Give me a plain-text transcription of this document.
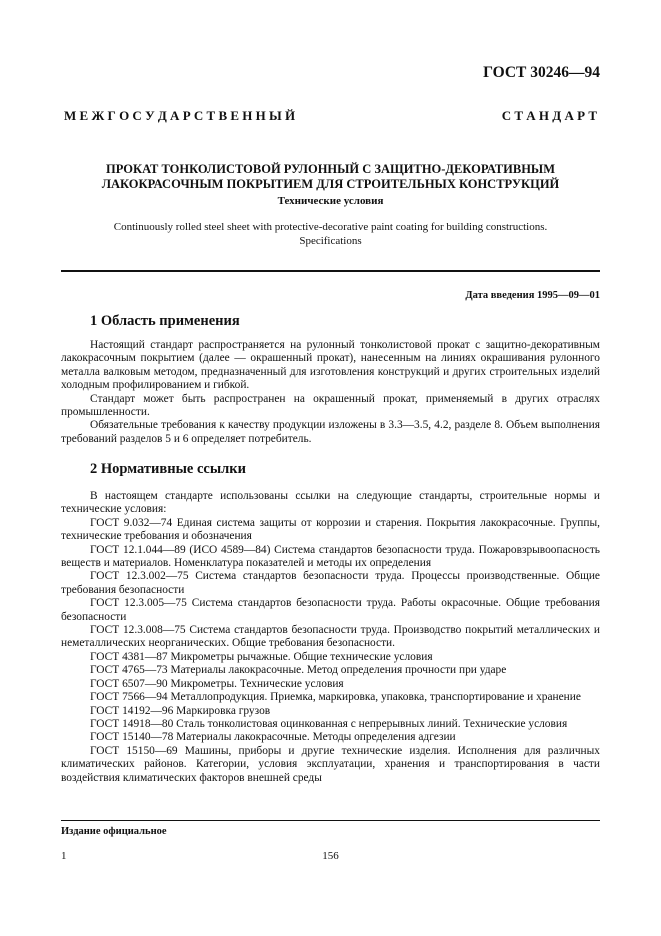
ГОСТ 30246—94
М Е Ж Г О С У Д А Р С Т В Е Н Н Ы Й	С Т А Н Д А Р Т
ПРОКАТ ТОНКОЛИСТОВОЙ РУЛОННЫЙ С ЗАЩИТНО-ДЕКОРАТИВНЫМ
ЛАКОКРАСОЧНЫМ ПОКРЫТИЕМ ДЛЯ СТРОИТЕЛЬНЫХ КОНСТРУКЦИЙ
Технические условия
Continuously rolled steel sheet with protective-decorative paint coating for building constructions.
Specifications
Дата введения 1995—09—01
1 Область применения

Настоящий стандарт распространяется на рулонный тонколистовой прокат с защитно-декоративным лакокрасочным покрытием (далее — окрашенный прокат), нанесенным на линиях окрашивания рулонного металла валковым методом, предназначенный для изготовления конструкций и других строительных изделий холодным профилированием и гибкой.

Стандарт может быть распространен на окрашенный прокат, применяемый в других отраслях промышленности.

Обязательные требования к качеству продукции изложены в 3.3—3.5, 4.2, разделе 8. Объем выполнения требований разделов 5 и 6 определяет потребитель.

2 Нормативные ссылки

В настоящем стандарте использованы ссылки на следующие стандарты, строительные нормы и технические условия:

ГОСТ 9.032—74 Единая система защиты от коррозии и старения. Покрытия лакокрасочные. Группы, технические требования и обозначения

ГОСТ 12.1.044—89 (ИСО 4589—84) Система стандартов безопасности труда. Пожаровзрывоопасность веществ и материалов. Номенклатура показателей и методы их определения

ГОСТ 12.3.002—75 Система стандартов безопасности труда. Процессы производственные. Общие требования безопасности

ГОСТ 12.3.005—75 Система стандартов безопасности труда. Работы окрасочные. Общие требования безопасности

ГОСТ 12.3.008—75 Система стандартов безопасности труда. Производство покрытий металлических и неметаллических неорганических. Общие требования безопасности.

ГОСТ 4381—87 Микрометры рычажные. Общие технические условия

ГОСТ 4765—73 Материалы лакокрасочные. Метод определения прочности при ударе

ГОСТ 6507—90 Микрометры. Технические условия

ГОСТ 7566—94 Металлопродукция. Приемка, маркировка, упаковка, транспортирование и хранение

ГОСТ 14192—96 Маркировка грузов

ГОСТ 14918—80 Сталь тонколистовая оцинкованная с непрерывных линий. Технические условия

ГОСТ 15140—78 Материалы лакокрасочные. Методы определения адгезии

ГОСТ 15150—69 Машины, приборы и другие технические изделия. Исполнения для различных климатических районов. Категории, условия эксплуатации, хранения и транспортирования в части воздействия климатических факторов внешней среды

Издание официальное
1	156
